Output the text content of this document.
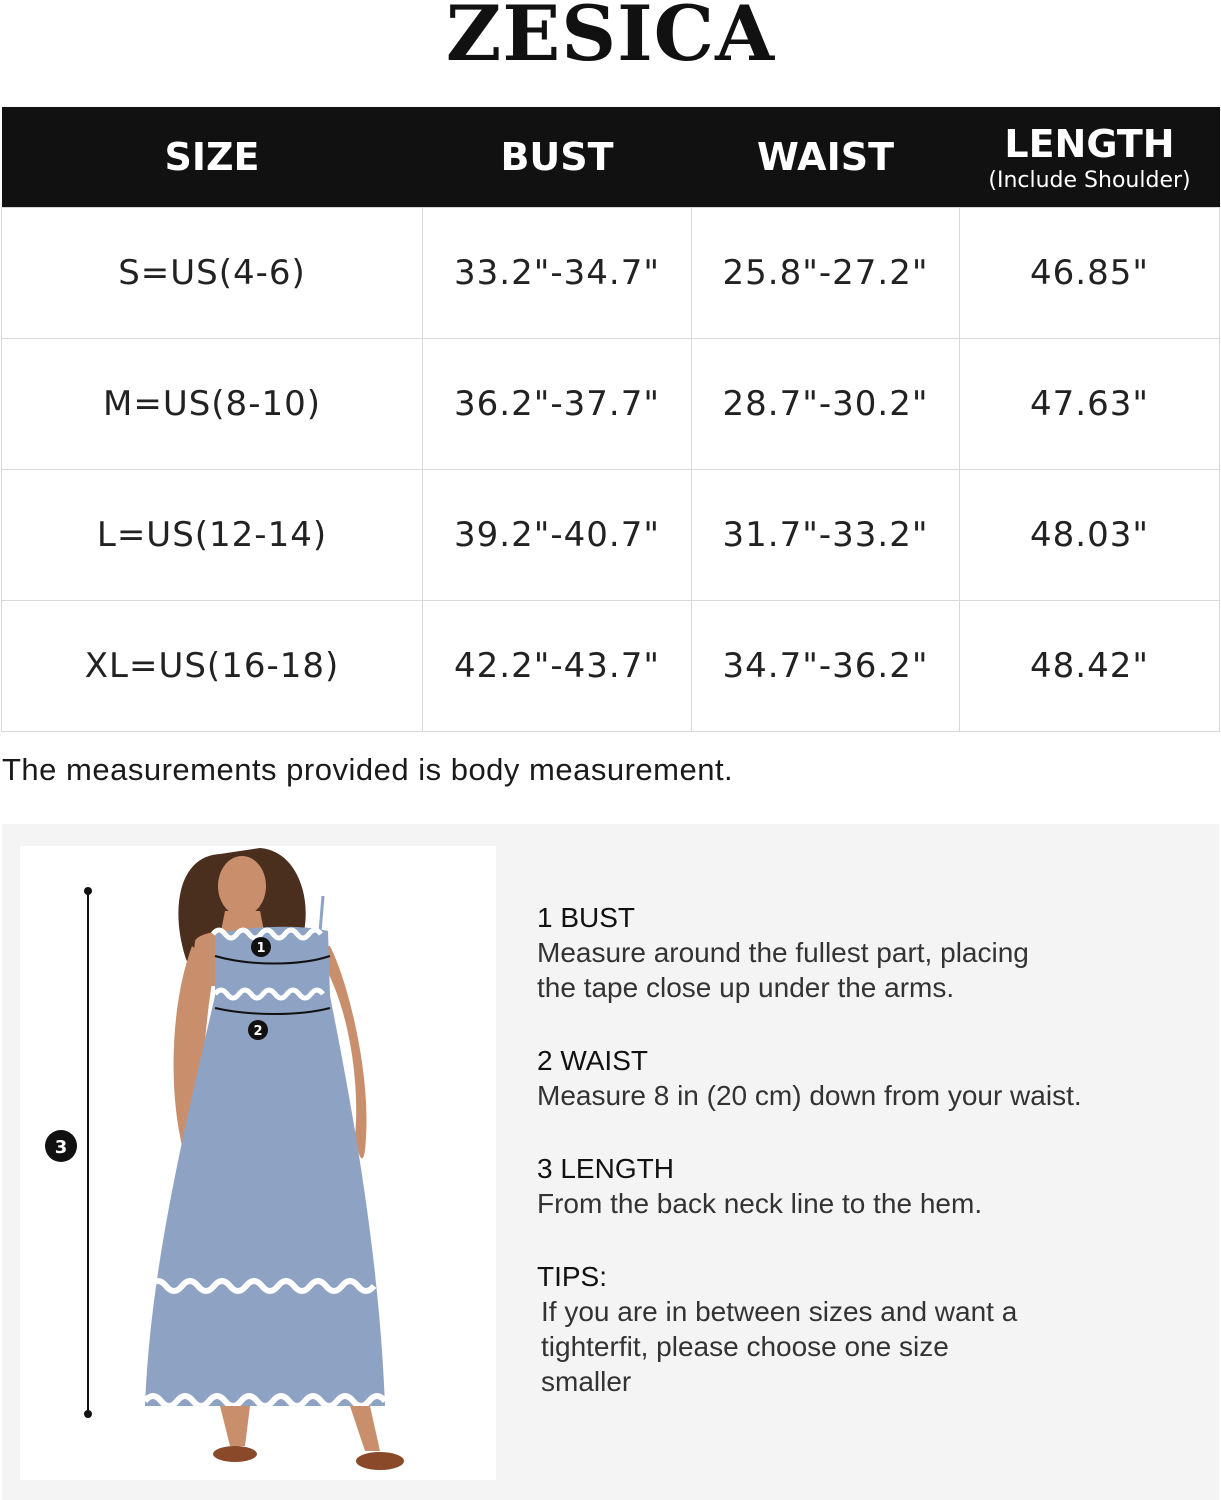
ZESICA
SIZE	BUST	WAIST	LENGTH
(Include Shoulder)

S=US(4-6)	33.2"-34.7"	25.8"-27.2"	46.85"
M=US(8-10)	36.2"-37.7"	28.7"-30.2"	47.63"
L=US(12-14)	39.2"-40.7"	31.7"-33.2"	48.03"
XL=US(16-18)	42.2"-43.7"	34.7"-36.2"	48.42"
The measurements provided is body measurement.
1
2
3
1 BUST
Measure around the fullest part, placing
the tape close up under the arms.
2 WAIST
Measure 8 in (20 cm) down from your waist.
3 LENGTH
From the back neck line to the hem.
TIPS:
If you are in between sizes and want a
tighterfit, please choose one size
smaller
